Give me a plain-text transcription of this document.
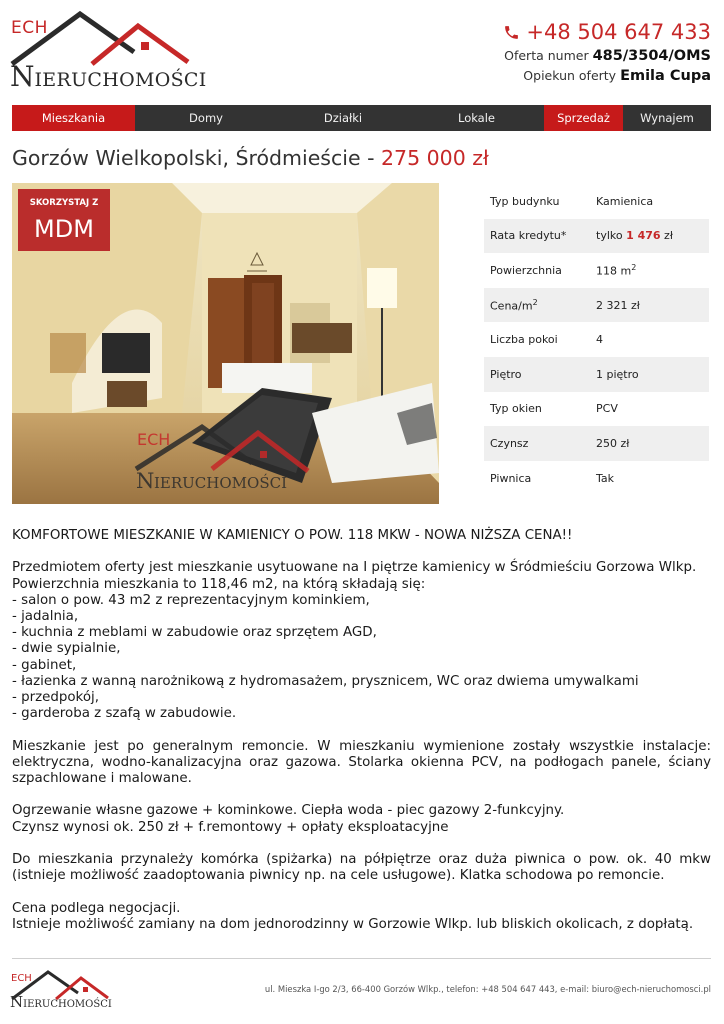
ECH
NIERUCHOMOŚCI
+48 504 647 433
Oferta numer 485/3504/OMS
Opiekun oferty Emila Cupa
Mieszkania	Domy	Działki	Lokale	Sprzedaż	Wynajem
Gorzów Wielkopolski, Śródmieście - 275 000 zł
SKORZYSTAJ Z
MDM
ECH
N IERUCHOMOŚCI
Typ budynku	Kamienica
Rata kredytu*	tylko 1 476 zł
Powierzchnia	118 $m^2$
Cena/$m^2$	2 321 zł
Liczba pokoi	4
Piętro	1 piętro
Typ okien	PCV
Czynsz	250 zł
Piwnica	Tak

KOMFORTOWE MIESZKANIE W KAMIENICY O POW. 118 MKW - NOWA NIŻSZA CENA!!

Przedmiotem oferty jest mieszkanie usytuowane na I piętrze kamienicy w Śródmieściu Gorzowa Wlkp.
Powierzchnia mieszkania to 118,46 m2, na którą składają się:
- salon o pow. 43 m2 z reprezentacyjnym kominkiem,
- jadalnia,
- kuchnia z meblami w zabudowie oraz sprzętem AGD,
- dwie sypialnie,
- gabinet,
- łazienka z wanną narożnikową z hydromasażem, prysznicem, WC oraz dwiema umywalkami
- przedpokój,
- garderoba z szafą w zabudowie.

Mieszkanie jest po generalnym remoncie. W mieszkaniu wymienione zostały wszystkie instalacje: elektryczna, wodno-kanalizacyjna oraz gazowa. Stolarka okienna PCV, na podłogach panele, ściany szpachlowane i malowane.

Ogrzewanie własne gazowe + kominkowe. Ciepła woda - piec gazowy 2-funkcyjny.
Czynsz wynosi ok. 250 zł + f.remontowy + opłaty eksploatacyjne

Do mieszkania przynależy komórka (spiżarka) na półpiętrze oraz duża piwnica o pow. ok. 40 mkw (istnieje możliwość zaadoptowania piwnicy np. na cele usługowe). Klatka schodowa po remoncie.

Cena podlega negocjacji.
Istnieje możliwość zamiany na dom jednorodzinny w Gorzowie Wlkp. lub bliskich okolicach, z dopłatą.

ECH
NIERUCHOMOŚCI
ul. Mieszka I-go 2/3, 66-400 Gorzów Wlkp., telefon: +48 504 647 443, e-mail: biuro@ech-nieruchomosci.pl
